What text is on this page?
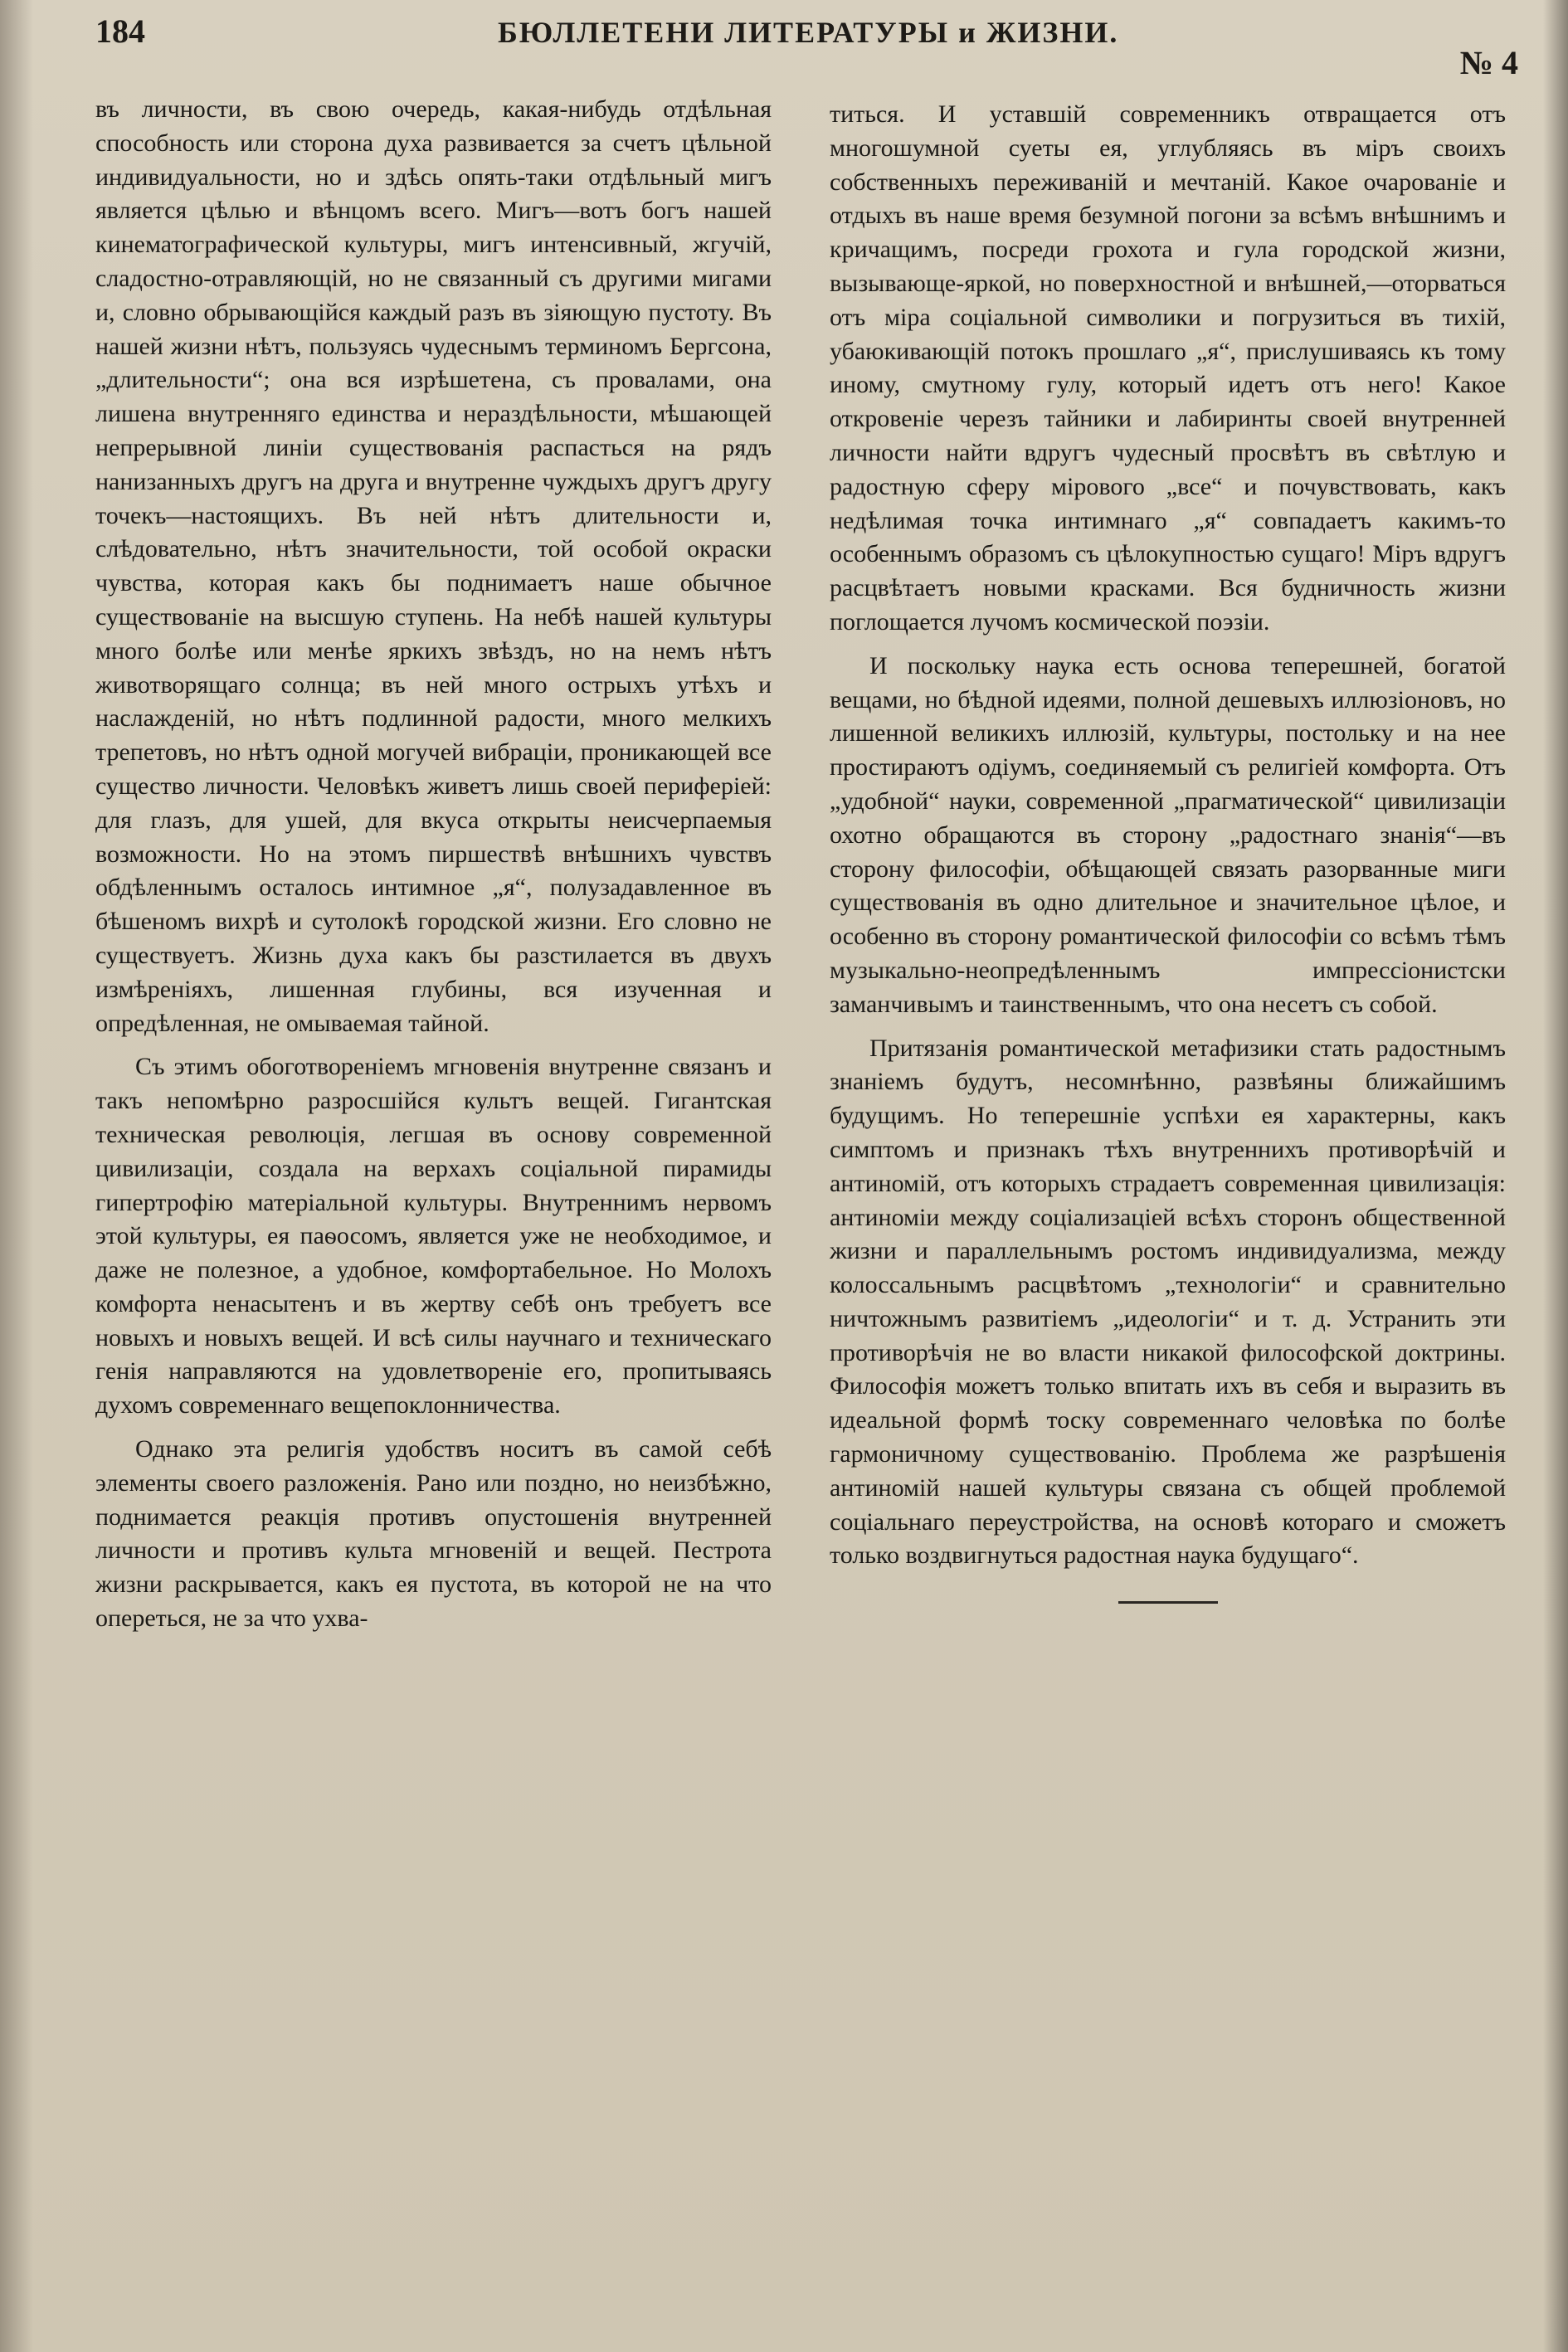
184	БЮЛЛЕТЕНИ ЛИТЕРАТУРЫ и ЖИЗНИ.
№ 4

въ личности, въ свою очередь, какая-нибудь отдѣльная способность или сторона духа развивается за счетъ цѣльной индивидуальности, но и здѣсь опять-таки отдѣльный мигъ является цѣлью и вѣнцомъ всего. Мигъ—вотъ богъ нашей кинематографической культуры, мигъ интенсивный, жгучій, сладостно-отравляющій, но не связанный съ другими мигами и, словно обрывающійся каждый разъ въ зіяющую пустоту. Въ нашей жизни нѣтъ, пользуясь чудеснымъ терминомъ Бергсона, „длительности“; она вся изрѣшетена, съ провалами, она лишена внутренняго единства и нераздѣльности, мѣшающей непрерывной линіи существованія распасться на рядъ нанизанныхъ другъ на друга и внутренне чуждыхъ другъ другу точекъ—настоящихъ. Въ ней нѣтъ длительности и, слѣдовательно, нѣтъ значительности, той особой окраски чувства, которая какъ бы поднимаетъ наше обычное существованіе на высшую ступень. На небѣ нашей культуры много болѣе или менѣе яркихъ звѣздъ, но на немъ нѣтъ животворящаго солнца; въ ней много острыхъ утѣхъ и наслажденій, но нѣтъ подлинной радости, много мелкихъ трепетовъ, но нѣтъ одной могучей вибраціи, проникающей все существо личности. Человѣкъ живетъ лишь своей периферіей: для глазъ, для ушей, для вкуса открыты неисчерпаемыя возможности. Но на этомъ пиршествѣ внѣшнихъ чувствъ обдѣленнымъ осталось интимное „я“, полузадавленное въ бѣшеномъ вихрѣ и сутолокѣ городской жизни. Его словно не существуетъ. Жизнь духа какъ бы разстилается въ двухъ измѣреніяхъ, лишенная глубины, вся изученная и опредѣленная, не омываемая тайной.

Съ этимъ обоготвореніемъ мгновенія внутренне связанъ и такъ непомѣрно разросшійся культъ вещей. Гигантская техническая революція, легшая въ основу современной цивилизаціи, создала на верхахъ соціальной пирамиды гипертрофію матеріальной культуры. Внутреннимъ нервомъ этой культуры, ея паѳосомъ, является уже не необходимое, и даже не полезное, а удобное, комфортабельное. Но Молохъ комфорта ненасытенъ и въ жертву себѣ онъ требуетъ все новыхъ и новыхъ вещей. И всѣ силы научнаго и техническаго генія направляются на удовлетвореніе его, пропитываясь духомъ современнаго вещепоклонничества.

Однако эта религія удобствъ носитъ въ самой себѣ элементы своего разложенія. Рано или поздно, но неизбѣжно, поднимается реакція противъ опустошенія внутренней личности и противъ культа мгновеній и вещей. Пестрота жизни раскрывается, какъ ея пустота, въ которой не на что опереться, не за что ухва-

титься. И уставшій современникъ отвращается отъ многошумной суеты ея, углубляясь въ міръ своихъ собственныхъ переживаній и мечтаній. Какое очарованіе и отдыхъ въ наше время безумной погони за всѣмъ внѣшнимъ и кричащимъ, посреди грохота и гула городской жизни, вызывающе-яркой, но поверхностной и внѣшней,—оторваться отъ міра соціальной символики и погрузиться въ тихій, убаюкивающій потокъ прошлаго „я“, прислушиваясь къ тому иному, смутному гулу, который идетъ отъ него! Какое откровеніе черезъ тайники и лабиринты своей внутренней личности найти вдругъ чудесный просвѣтъ въ свѣтлую и радостную сферу мірового „все“ и почувствовать, какъ недѣлимая точка интимнаго „я“ совпадаетъ какимъ-то особеннымъ образомъ съ цѣлокупностью сущаго! Міръ вдругъ расцвѣтаетъ новыми красками. Вся будничность жизни поглощается лучомъ космической поэзіи.

И поскольку наука есть основа теперешней, богатой вещами, но бѣдной идеями, полной дешевыхъ иллюзіоновъ, но лишенной великихъ иллюзій, культуры, постольку и на нее простираютъ одіумъ, соединяемый съ религіей комфорта. Отъ „удобной“ науки, современной „прагматической“ цивилизаціи охотно обращаются въ сторону „радостнаго знанія“—въ сторону философіи, обѣщающей связать разорванные миги существованія въ одно длительное и значительное цѣлое, и особенно въ сторону романтической философіи со всѣмъ тѣмъ музыкально-неопредѣленнымъ импрессіонистски заманчивымъ и таинственнымъ, что она несетъ съ собой.

Притязанія романтической метафизики стать радостнымъ знаніемъ будутъ, несомнѣнно, развѣяны ближайшимъ будущимъ. Но теперешніе успѣхи ея характерны, какъ симптомъ и признакъ тѣхъ внутреннихъ противорѣчій и антиномій, отъ которыхъ страдаетъ современная цивилизація: антиноміи между соціализаціей всѣхъ сторонъ общественной жизни и параллельнымъ ростомъ индивидуализма, между колоссальнымъ расцвѣтомъ „технологіи“ и сравнительно ничтожнымъ развитіемъ „идеологіи“ и т. д. Устранить эти противорѣчія не во власти никакой философской доктрины. Философія можетъ только впитать ихъ въ себя и выразить въ идеальной формѣ тоску современнаго человѣка по болѣе гармоничному существованію. Проблема же разрѣшенія антиномій нашей культуры связана съ общей проблемой соціальнаго переустройства, на основѣ котораго и сможетъ только воздвигнуться радостная наука будущаго“.
